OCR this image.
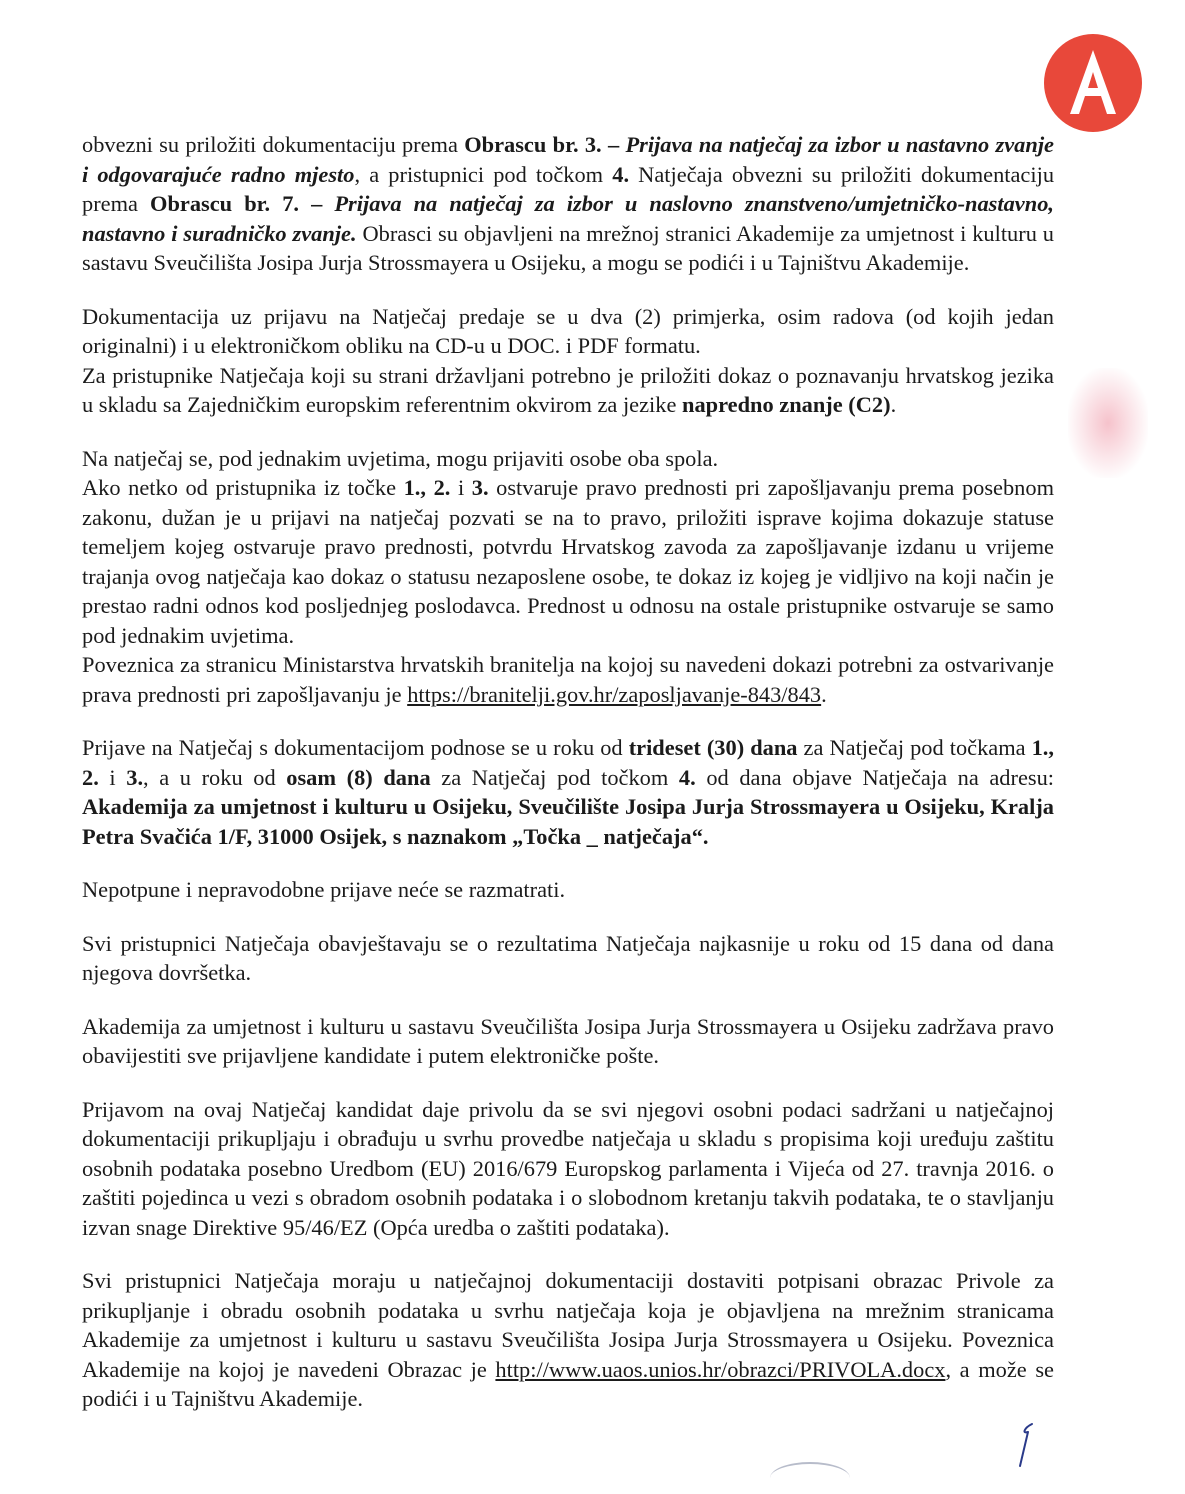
obvezni su priložiti dokumentaciju prema Obrascu br. 3. – Prijava na natječaj za izbor u nastavno zvanje i odgovarajuće radno mjesto, a pristupnici pod točkom 4. Natječaja obvezni su priložiti dokumentaciju prema Obrascu br. 7. – Prijava na natječaj za izbor u naslovno znanstveno/umjetničko-nastavno, nastavno i suradničko zvanje. Obrasci su objavljeni na mrežnoj stranici Akademije za umjetnost i kulturu u sastavu Sveučilišta Josipa Jurja Strossmayera u Osijeku, a mogu se podići i u Tajništvu Akademije.

Dokumentacija uz prijavu na Natječaj predaje se u dva (2) primjerka, osim radova (od kojih jedan originalni) i u elektroničkom obliku na CD-u u DOC. i PDF formatu.

Za pristupnike Natječaja koji su strani državljani potrebno je priložiti dokaz o poznavanju hrvatskog jezika u skladu sa Zajedničkim europskim referentnim okvirom za jezike napredno znanje (C2).

Na natječaj se, pod jednakim uvjetima, mogu prijaviti osobe oba spola.

Ako netko od pristupnika iz točke 1., 2. i 3. ostvaruje pravo prednosti pri zapošljavanju prema posebnom zakonu, dužan je u prijavi na natječaj pozvati se na to pravo, priložiti isprave kojima dokazuje statuse temeljem kojeg ostvaruje pravo prednosti, potvrdu Hrvatskog zavoda za zapošljavanje izdanu u vrijeme trajanja ovog natječaja kao dokaz o statusu nezaposlene osobe, te dokaz iz kojeg je vidljivo na koji način je prestao radni odnos kod posljednjeg poslodavca. Prednost u odnosu na ostale pristupnike ostvaruje se samo pod jednakim uvjetima.

Poveznica za stranicu Ministarstva hrvatskih branitelja na kojoj su navedeni dokazi potrebni za ostvarivanje prava prednosti pri zapošljavanju je https://branitelji.gov.hr/zaposljavanje-843/843.

Prijave na Natječaj s dokumentacijom podnose se u roku od trideset (30) dana za Natječaj pod točkama 1., 2. i 3., a u roku od osam (8) dana za Natječaj pod točkom 4. od dana objave Natječaja na adresu: Akademija za umjetnost i kulturu u Osijeku, Sveučilište Josipa Jurja Strossmayera u Osijeku, Kralja Petra Svačića 1/F, 31000 Osijek, s naznakom „Točka _ natječaja“.

Nepotpune i nepravodobne prijave neće se razmatrati.

Svi pristupnici Natječaja obavještavaju se o rezultatima Natječaja najkasnije u roku od 15 dana od dana njegova dovršetka.

Akademija za umjetnost i kulturu u sastavu Sveučilišta Josipa Jurja Strossmayera u Osijeku zadržava pravo obavijestiti sve prijavljene kandidate i putem elektroničke pošte.

Prijavom na ovaj Natječaj kandidat daje privolu da se svi njegovi osobni podaci sadržani u natječajnoj dokumentaciji prikupljaju i obrađuju u svrhu provedbe natječaja u skladu s propisima koji uređuju zaštitu osobnih podataka posebno Uredbom (EU) 2016/679 Europskog parlamenta i Vijeća od 27. travnja 2016. o zaštiti pojedinca u vezi s obradom osobnih podataka i o slobodnom kretanju takvih podataka, te o stavljanju izvan snage Direktive 95/46/EZ (Opća uredba o zaštiti podataka).

Svi pristupnici Natječaja moraju u natječajnoj dokumentaciji dostaviti potpisani obrazac Privole za prikupljanje i obradu osobnih podataka u svrhu natječaja koja je objavljena na mrežnim stranicama Akademije za umjetnost i kulturu u sastavu Sveučilišta Josipa Jurja Strossmayera u Osijeku. Poveznica Akademije na kojoj je navedeni Obrazac je http://www.uaos.unios.hr/obrazci/PRIVOLA.docx, a može se podići i u Tajništvu Akademije.
